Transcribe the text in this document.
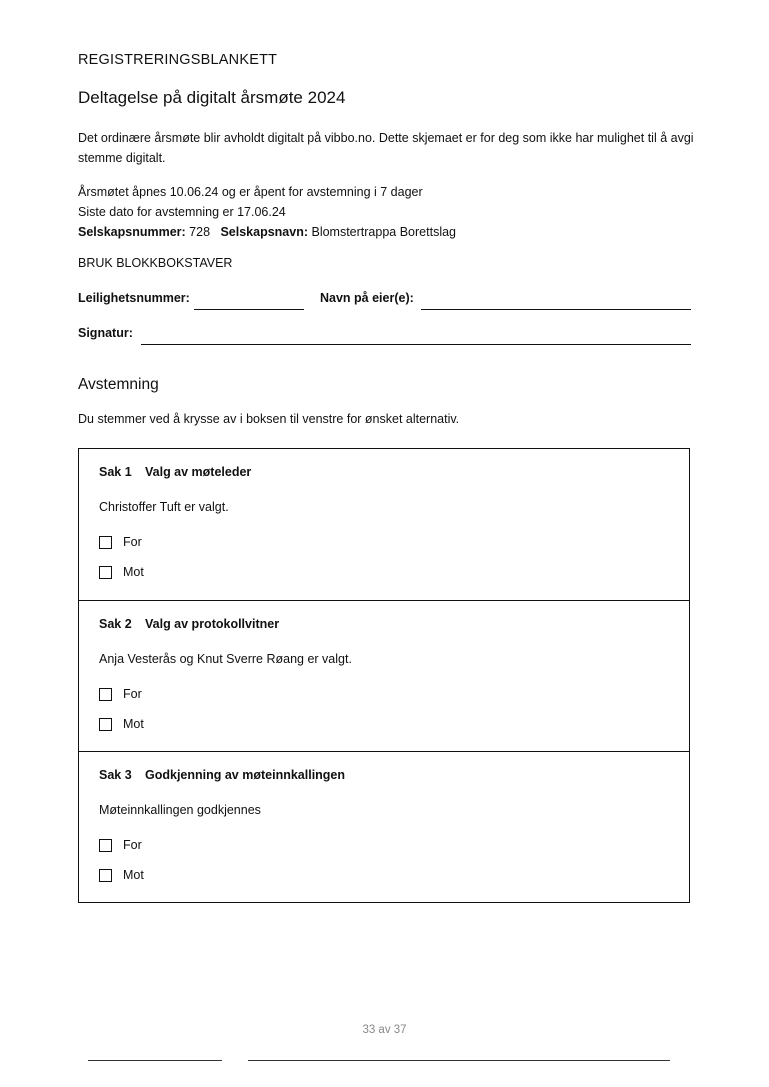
REGISTRERINGSBLANKETT
Deltagelse på digitalt årsmøte 2024
Det ordinære årsmøte blir avholdt digitalt på vibbo.no. Dette skjemaet er for deg som ikke har mulighet til å avgi stemme digitalt.
Årsmøtet åpnes 10.06.24 og er åpent for avstemning i 7 dager
Siste dato for avstemning er 17.06.24
Selskapsnummer: 728 Selskapsnavn: Blomstertrappa Borettslag
BRUK BLOKKBOKSTAVER
Leilighetsnummer:	Navn på eier(e):
Signatur:
Avstemning
Du stemmer ved å krysse av i boksen til venstre for ønsket alternativ.
Sak 1 Valg av møteleder
Christoffer Tuft er valgt.
For
Mot
Sak 2 Valg av protokollvitner
Anja Vesterås og Knut Sverre Røang er valgt.
For
Mot
Sak 3 Godkjenning av møteinnkallingen
Møteinnkallingen godkjennes
For
Mot
33 av 37
